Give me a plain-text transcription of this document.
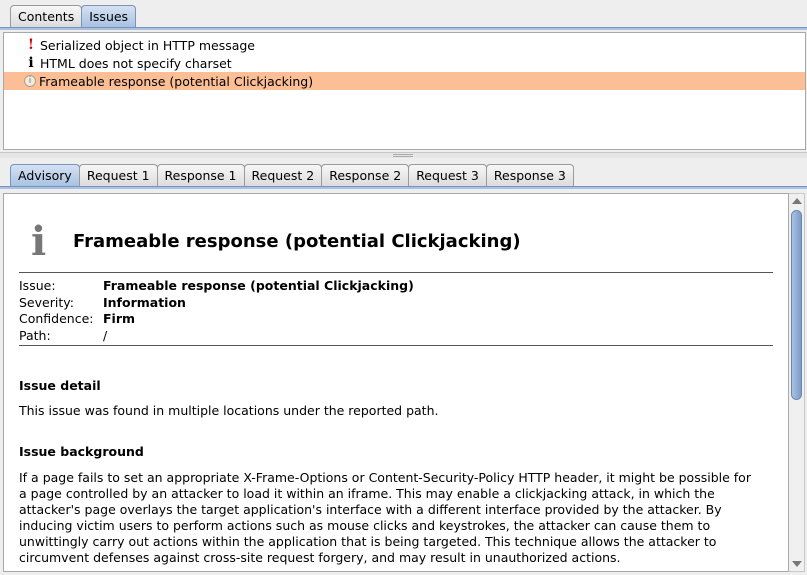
Contents	Issues
! Serialized object in HTTP message
i HTML does not specify charset
i Frameable response (potential Clickjacking)
Advisory	Request 1	Response 1	Request 2	Response 2	Request 3	Response 3
i	Frameable response (potential Clickjacking)
Issue:	Frameable response (potential Clickjacking)
Severity:	Information
Confidence: Firm
Path:	/
Issue detail
This issue was found in multiple locations under the reported path.
Issue background
If a page fails to set an appropriate X-Frame-Options or Content-Security-Policy HTTP header, it might be possible for
a page controlled by an attacker to load it within an iframe. This may enable a clickjacking attack, in which the
attacker's page overlays the target application's interface with a different interface provided by the attacker. By
inducing victim users to perform actions such as mouse clicks and keystrokes, the attacker can cause them to
unwittingly carry out actions within the application that is being targeted. This technique allows the attacker to
circumvent defenses against cross-site request forgery, and may result in unauthorized actions.
